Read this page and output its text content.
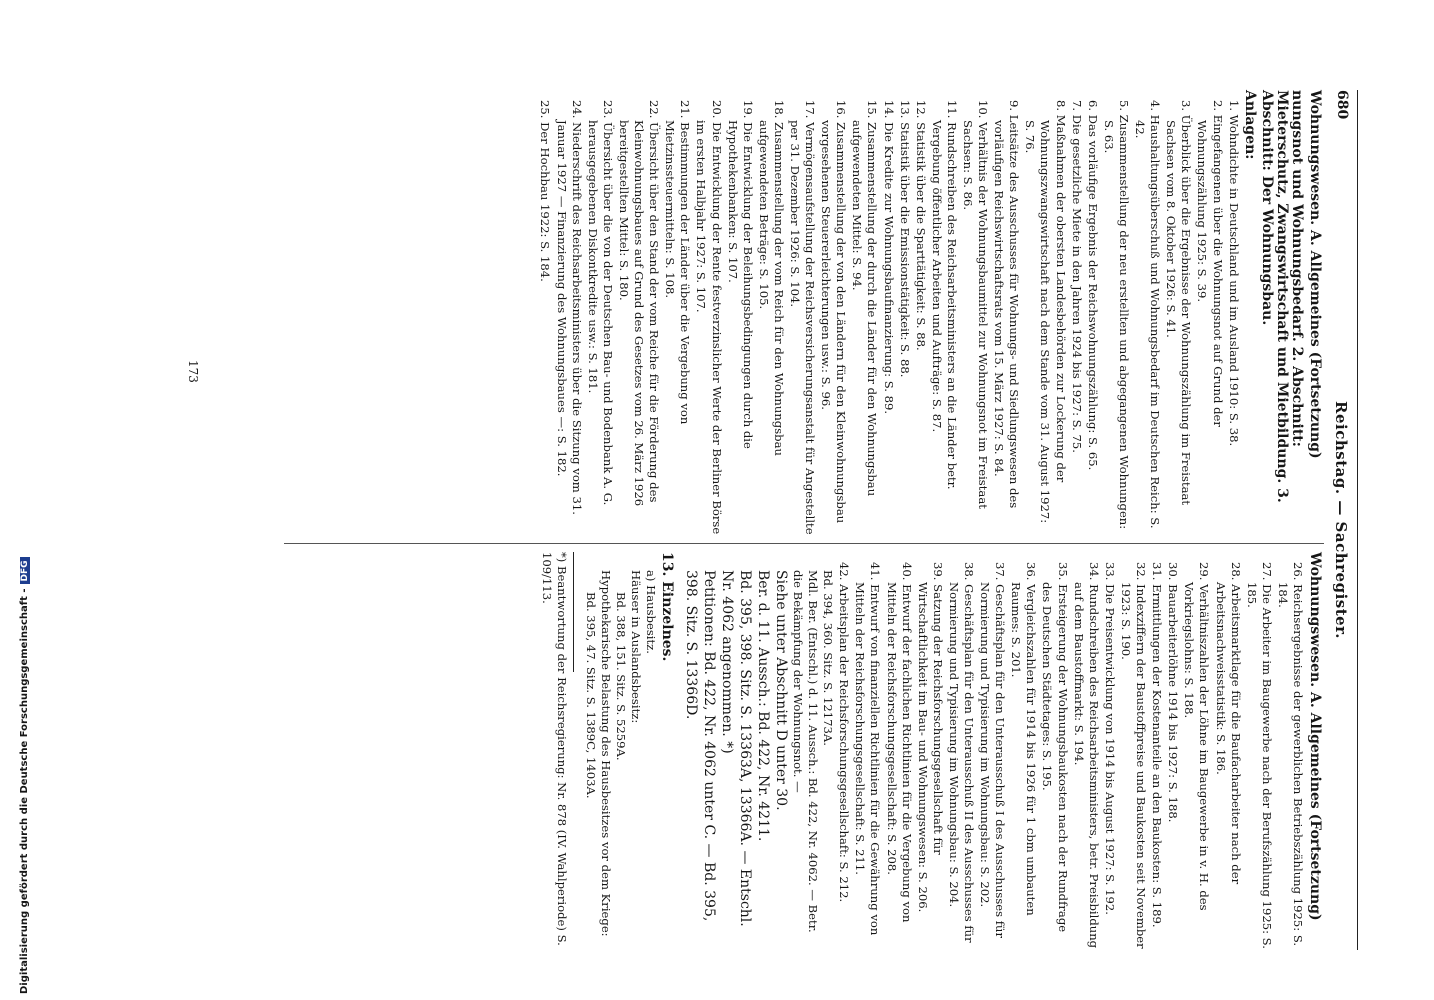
680
Reichstag. — Sachregister.
Wohnungswesen. A. Allgemeines (Fortsetzung)
nungsnot und Wohnungsbedarf. 2. Abschnitt: Mieterschutz, Zwangswirtschaft und Mietbildung. 3. Abschnitt: Der Wohnungsbau.
Anlagen:
1. Wohndichte in Deutschland und im Ausland 1910: S. 38.
2. Eingefangenen über die Wohnungsnot auf Grund der Wohnungszählung 1925: S. 39.
3. Überblick über die Ergebnisse der Wohnungszählung im Freistaat Sachsen vom 8. Oktober 1926: S. 41.
4. Haushaltungsüberschuß und Wohnungsbedarf im Deutschen Reich: S. 42.
5. Zusammenstellung der neu erstellten und abgegangenen Wohnungen: S. 63.
6. Das vorläufige Ergebnis der Reichswohnungszählung: S. 65.
7. Die gesetzliche Miete in den Jahren 1924 bis 1927: S. 75.
8. Maßnahmen der obersten Landesbehörden zur Lockerung der Wohnungszwangswirtschaft nach dem Stande vom 31. August 1927: S. 76.
9. Leitsätze des Ausschusses für Wohnungs- und Siedlungswesen des vorläufigen Reichswirtschaftsrats vom 15. März 1927: S. 84.
10. Verhältnis der Wohnungsbaumittel zur Wohnungsnot im Freistaat Sachsen: S. 86.
11. Rundschreiben des Reichsarbeitsministers an die Länder betr. Vergebung öffentlicher Arbeiten und Aufträge: S. 87.
12. Statistik über die Sparttätigkeit: S. 88.
13. Statistik über die Emissionstätigkeit: S. 88.
14. Die Kredite zur Wohnungsbaufinanzierung: S. 89.
15. Zusammenstellung der durch die Länder für den Wohnungsbau aufgewendeten Mittel: S. 94.
16. Zusammenstellung der von den Ländern für den Kleinwohnungsbau vorgesehenen Steuererleichterungen usw.: S. 96.
17. Vermögensaufstellung der Reichsversicherungsanstalt für Angestellte per 31. Dezember 1926: S. 104.
18. Zusammenstellung der vom Reich für den Wohnungsbau aufgewendeten Beträge: S. 105.
19. Die Entwicklung der Beleihungsbedingungen durch die Hypothekenbanken: S. 107.
20. Die Entwicklung der Rente festverzinslicher Werte der Berliner Börse im ersten Halbjahr 1927: S. 107.
21. Bestimmungen der Länder über die Vergebung von Mietzinssteuermitteln: S. 108.
22. Übersicht über den Stand der vom Reiche für die Förderung des Kleinwohnungsbaues auf Grund des Gesetzes vom 26. März 1926 bereitgestellten Mittel: S. 180.
23. Übersicht über die von der Deutschen Bau- und Bodenbank A. G. herausgegebenen Diskontkredite usw.: S. 181.
24. Niederschrift des Reichsarbeitsministers über die Sitzung vom 31. Januar 1927 — Finanzierung des Wohnungsbaues —: S. 182.
25. Der Hochbau 1922: S. 184.
Wohnungswesen. A. Allgemeines (Fortsetzung)
26. Reichsergebnisse der gewerblichen Betriebszählung 1925: S. 184.
27. Die Arbeiter im Baugewerbe nach der Berufszählung 1925: S. 185.
28. Arbeitsmarktlage für die Baufacharbeiter nach der Arbeitsnachweisstatistik: S. 186.
29. Verhältniszahlen der Löhne im Baugewerbe in v. H. des Vorkriegslohns: S. 188.
30. Bauarbeiterlöhne 1914 bis 1927: S. 188.
31. Ermittlungen der Kostenanteile an den Baukosten: S. 189.
32. Indexziffern der Baustoffpreise und Baukosten seit November 1923: S. 190.
33. Die Preisentwicklung von 1914 bis August 1927: S. 192.
34. Rundschreiben des Reichsarbeitsministers, betr. Preisbildung auf dem Baustoffmarkt: S. 194.
35. Ersteigerung der Wohnungsbaukosten nach der Rundfrage des Deutschen Städtetages: S. 195.
36. Vergleichszahlen für 1914 bis 1926 für 1 cbm umbauten Raumes: S. 201.
37. Geschäftsplan für den Unterausschuß I des Ausschusses für Normierung und Typisierung im Wohnungsbau: S. 202.
38. Geschäftsplan für den Unterausschuß II des Ausschusses für Normierung und Typisierung im Wohnungsbau: S. 204.
39. Satzung der Reichsforschungsgesellschaft für Wirtschaftlichkeit im Bau- und Wohnungswesen: S. 206.
40. Entwurf der fachlichen Richtlinien für die Vergebung von Mitteln der Reichsforschungsgesellschaft: S. 208.
41. Entwurf von finanziellen Richtlinien für die Gewährung von Mitteln der Reichsforschungsgesellschaft: S. 211.
42. Arbeitsplan der Reichsforschungsgesellschaft: S. 212.
Bd. 394, 360. Sitz. S. 12173A.
Mdl. Ber. (Entschl.) d. 11. Aussch.: Bd. 422, Nr. 4062. — Betr. die Bekämpfung der Wohnungsnot. —
Siehe unter Abschnitt D unter 30.
Ber. d. 11. Aussch.: Bd. 422, Nr. 4211.
Bd. 395, 398. Sitz. S. 13363A, 13366A. — Entschl. Nr. 4062 angenommen. *)
Petitionen: Bd. 422, Nr. 4062 unter C. — Bd. 395, 398. Sitz. S. 13366D.
13. Einzelnes.
a) Hausbesitz.
Häuser in Auslandsbesitz:
Bd. 388, 151. Sitz. S. 5259A.
Hypothekarische Belastung des Hausbesitzes vor dem Kriege:
Bd. 395, 47. Sitz. S. 1389C, 1403A.
*) Beantwortung der Reichsregierung: Nr. 878 (IV. Wahlperiode) S. 109/113.
173
Digitalisierung gefördert durch die Deutsche Forschungsgemeinschaft -DFG
